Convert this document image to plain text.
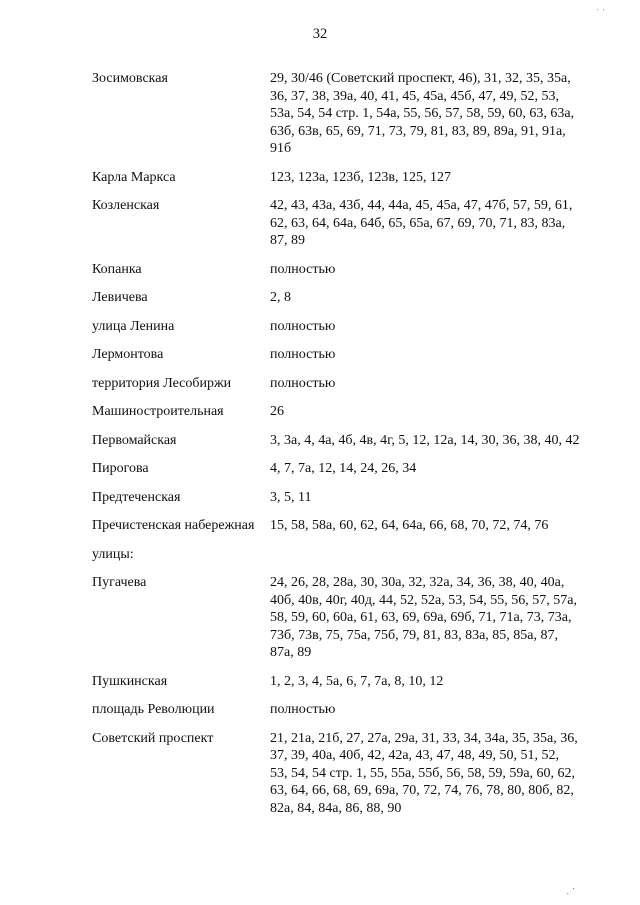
ˌ ˌ
32
Зосимовская	29, 30/46 (Советский проспект, 46), 31, 32, 35, 35а,
36, 37, 38, 39а, 40, 41, 45, 45а, 45б, 47, 49, 52, 53,
53а, 54, 54 стр. 1, 54а, 55, 56, 57, 58, 59, 60, 63, 63а,
63б, 63в, 65, 69, 71, 73, 79, 81, 83, 89, 89а, 91, 91а,
91б
Карла Маркса	123, 123а, 123б, 123в, 125, 127
Козленская	42, 43, 43а, 43б, 44, 44а, 45, 45а, 47, 47б, 57, 59, 61,
62, 63, 64, 64а, 64б, 65, 65а, 67, 69, 70, 71, 83, 83а,
87, 89
Копанка	полностью
Левичева	2, 8
улица Ленина	полностью
Лермонтова	полностью
территория Лесобиржи	полностью
Машиностроительная	26
Первомайская	3, 3а, 4, 4а, 4б, 4в, 4г, 5, 12, 12а, 14, 30, 36, 38, 40, 42
Пирогова	4, 7, 7а, 12, 14, 24, 26, 34
Предтеченская	3, 5, 11
Пречистенская набережная	15, 58, 58а, 60, 62, 64, 64а, 66, 68, 70, 72, 74, 76
улицы:
Пугачева	24, 26, 28, 28а, 30, 30а, 32, 32а, 34, 36, 38, 40, 40а,
40б, 40в, 40г, 40д, 44, 52, 52а, 53, 54, 55, 56, 57, 57а,
58, 59, 60, 60а, 61, 63, 69, 69а, 69б, 71, 71а, 73, 73а,
73б, 73в, 75, 75а, 75б, 79, 81, 83, 83а, 85, 85а, 87,
87а, 89
Пушкинская	1, 2, 3, 4, 5а, 6, 7, 7а, 8, 10, 12
площадь Революции	полностью
Советский проспект	21, 21а, 21б, 27, 27а, 29а, 31, 33, 34, 34а, 35, 35а, 36,
37, 39, 40а, 40б, 42, 42а, 43, 47, 48, 49, 50, 51, 52,
53, 54, 54 стр. 1, 55, 55а, 55б, 56, 58, 59, 59а, 60, 62,
63, 64, 66, 68, 69, 69а, 70, 72, 74, 76, 78, 80, 80б, 82,
82а, 84, 84а, 86, 88, 90
ˏ ·
